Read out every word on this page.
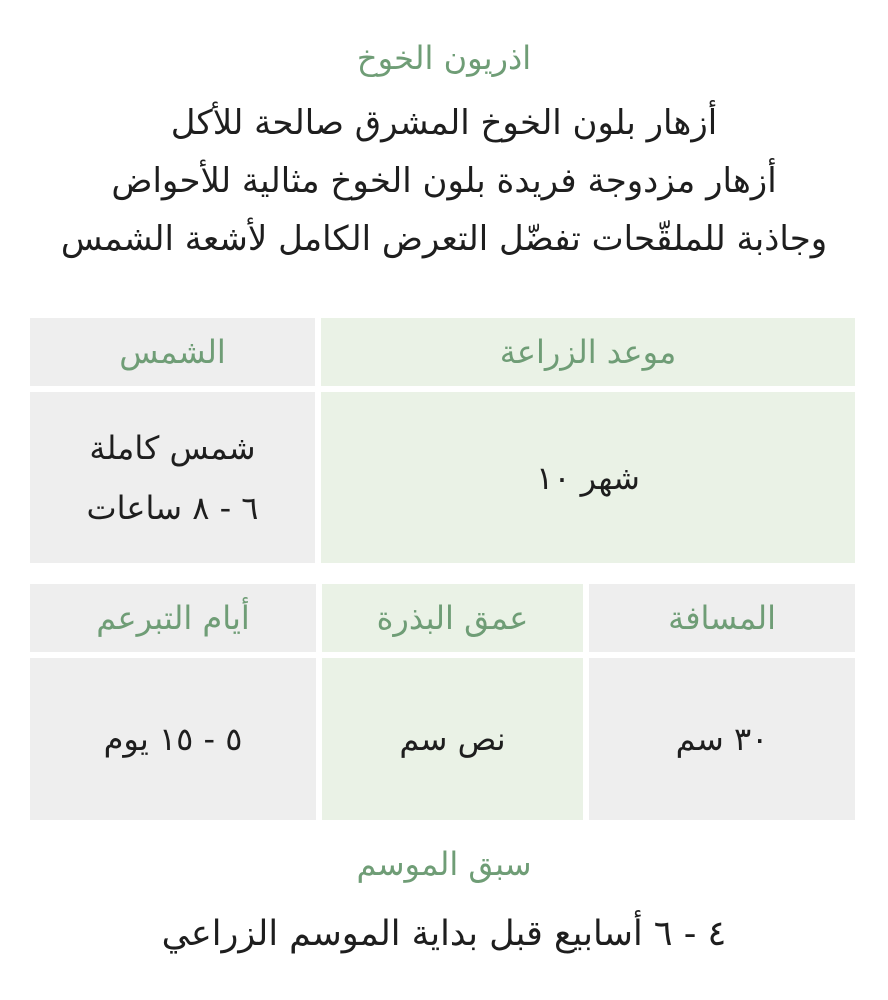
اذريون الخوخ
أزهار بلون الخوخ المشرق صالحة للأكل
أزهار مزدوجة فريدة بلون الخوخ مثالية للأحواض
وجاذبة للملقّحات تفضّل التعرض الكامل لأشعة الشمس
موعد الزراعة
الشمس
شهر ١٠
شمس كاملة
٦ - ٨ ساعات
المسافة
عمق البذرة
أيام التبرعم
٣٠ سم
نص سم
٥ - ١٥ يوم
سبق الموسم
٤ - ٦ أسابيع قبل بداية الموسم الزراعي
